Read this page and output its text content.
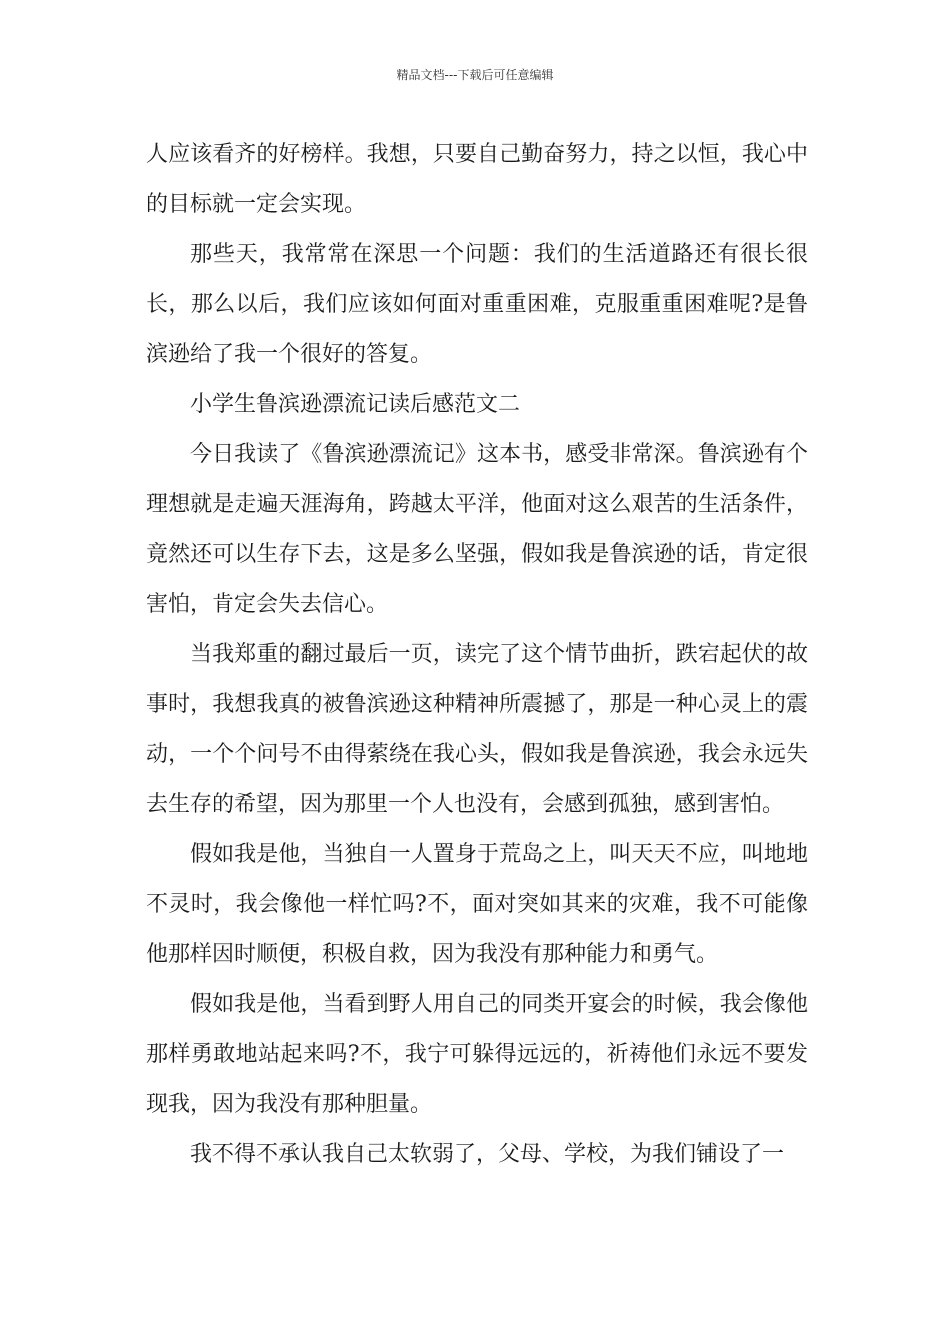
精品文档---下载后可任意编辑

人应该看齐的好榜样。我想，只要自己勤奋努力，持之以恒，我心中的目标就一定会实现。

那些天，我常常在深思一个问题：我们的生活道路还有很长很长，那么以后，我们应该如何面对重重困难，克服重重困难呢?是鲁滨逊给了我一个很好的答复。

小学生鲁滨逊漂流记读后感范文二

今日我读了《鲁滨逊漂流记》这本书，感受非常深。鲁滨逊有个理想就是走遍天涯海角，跨越太平洋，他面对这么艰苦的生活条件，竟然还可以生存下去，这是多么坚强，假如我是鲁滨逊的话，肯定很害怕，肯定会失去信心。

当我郑重的翻过最后一页，读完了这个情节曲折，跌宕起伏的故事时，我想我真的被鲁滨逊这种精神所震撼了，那是一种心灵上的震动，一个个问号不由得萦绕在我心头，假如我是鲁滨逊，我会永远失去生存的希望，因为那里一个人也没有，会感到孤独，感到害怕。

假如我是他，当独自一人置身于荒岛之上，叫天天不应，叫地地不灵时，我会像他一样忙吗?不，面对突如其来的灾难，我不可能像他那样因时顺便，积极自救，因为我没有那种能力和勇气。

假如我是他，当看到野人用自己的同类开宴会的时候，我会像他那样勇敢地站起来吗?不，我宁可躲得远远的，祈祷他们永远不要发现我，因为我没有那种胆量。

我不得不承认我自己太软弱了，父母、学校，为我们铺设了一
